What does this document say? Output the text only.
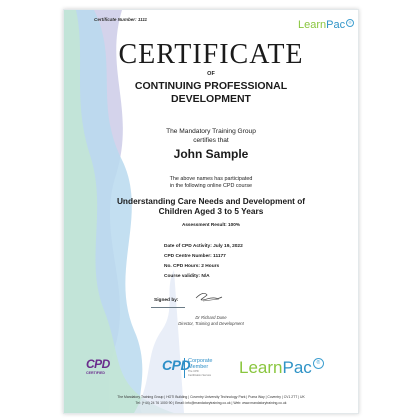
Certificate Number: 1111	LearnPac ®
CERTIFICATE
OF
CONTINUING PROFESSIONAL DEVELOPMENT
The Mandatory Training Group
certifies that
John Sample
The above names has participated
in the following online CPD course
Understanding Care Needs and Development of Children Aged 3 to 5 Years
Assessment Result: 100%
Date of CPD Activity: July 19, 2022
CPD Centre Number: 11177
No. CPD Hours: 2 Hours
Course validity: N/A
Signed by:
Dr Richard Dune
Director, Training and Development
CPD
CERTIFIED	CPD
Corporate
Member
The CPD Certification Service LearnPac ®
The Mandatory Training Group | HOTI Building | Coventry University Technology Park | Puma Way | Coventry | CV1 2TT | UK
Tel: (+44) 24 76 1000 90 | Email: info@mandatorytraining.co.uk | Web: www.mandatorytraining.co.uk
